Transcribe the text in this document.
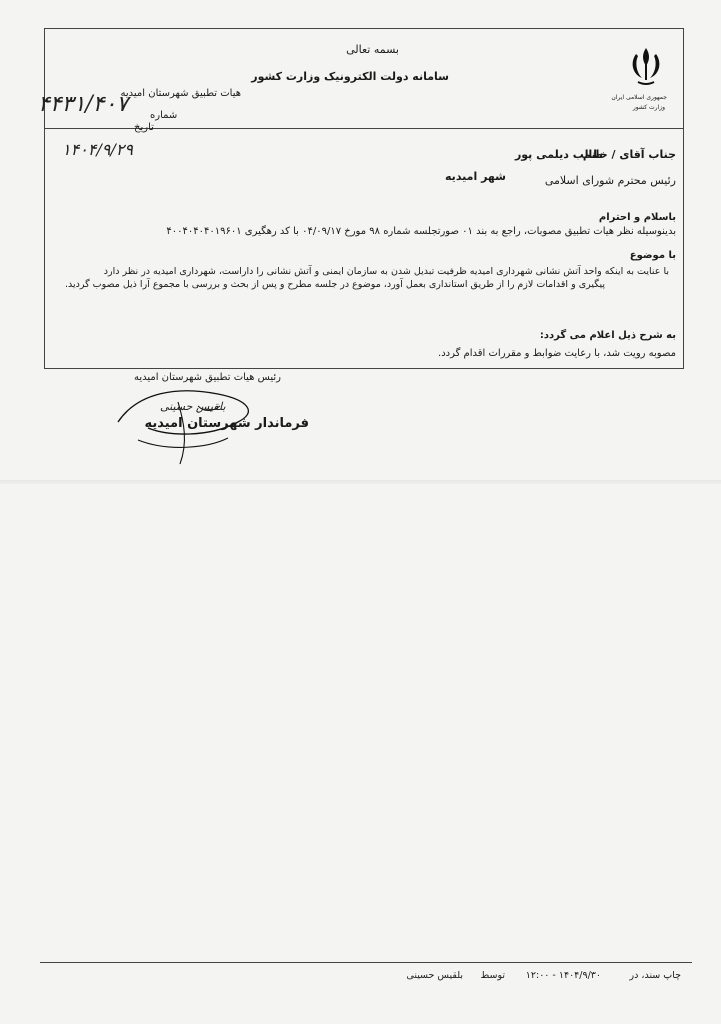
بسمه تعالی
سامانه دولت الکترونیک وزارت کشور
هیات تطبیق شهرستان امیدیه	جمهوری اسلامی ایران
وزارت کشور
۴۴۳۱/۴۰۷ شماره
تاریخ
۱۴۰۴/۹/۲۹	جناب آقای / خانم
طالب دیلمی پور
رئیس محترم شورای اسلامی
شهر امیدیه
باسلام و احترام
بدینوسیله نظر هیات تطبیق مصوبات، راجع به بند ۰۱ صورتجلسه شماره ۹۸ مورخ ۰۴/۰۹/۱۷ با کد رهگیری ۴۰۰۴۰۴۰۴۰۱۹۶۰۱
با موضوع
با عنایت به اینکه واحد آتش نشانی شهرداری امیدیه ظرفیت تبدیل شدن به سازمان ایمنی و آتش نشانی را داراست، شهرداری امیدیه در نظر دارد
پیگیری و اقدامات لازم را از طریق استانداری بعمل آورد، موضوع در جلسه مطرح و پس از بحث و بررسی با مجموع آرا ذیل مصوب گردید.
به شرح ذیل اعلام می گردد:
مصوبه رویت شد، با رعایت ضوابط و مقررات اقدام گردد.
رئیس هیات تطبیق شهرستان امیدیه
بلقیس حسینی
فرماندار شهرستان امیدیه
چاپ سند، در
۱۲:۰۰ - ۱۴۰۴/۹/۳۰
توسط
بلقیس حسینی
